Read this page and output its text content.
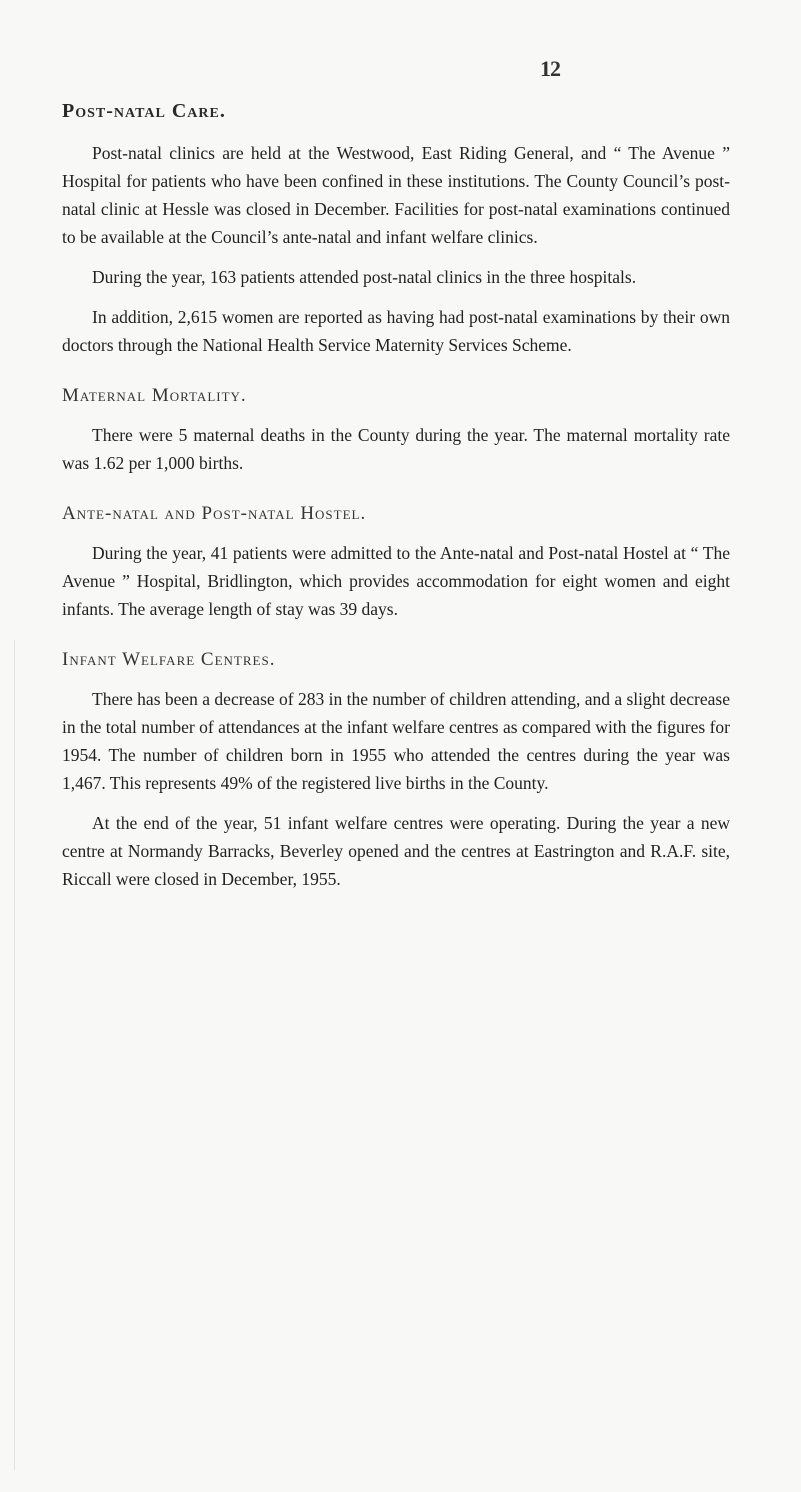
12
Post-natal Care.

Post-natal clinics are held at the Westwood, East Riding General, and “ The Avenue ” Hospital for patients who have been confined in these institutions. The County Council’s post-natal clinic at Hessle was closed in December. Facilities for post-natal examinations continued to be available at the Council’s ante-natal and infant welfare clinics.

During the year, 163 patients attended post-natal clinics in the three hospitals.

In addition, 2,615 women are reported as having had post-natal examinations by their own doctors through the National Health Service Maternity Services Scheme.

Maternal Mortality.

There were 5 maternal deaths in the County during the year. The maternal mortality rate was 1.62 per 1,000 births.

Ante-natal and Post-natal Hostel.

During the year, 41 patients were admitted to the Ante-natal and Post-natal Hostel at “ The Avenue ” Hospital, Bridlington, which provides accommodation for eight women and eight infants. The average length of stay was 39 days.

Infant Welfare Centres.

There has been a decrease of 283 in the number of children attending, and a slight decrease in the total number of attendances at the infant welfare centres as compared with the figures for 1954. The number of children born in 1955 who attended the centres during the year was 1,467. This represents 49% of the registered live births in the County.

At the end of the year, 51 infant welfare centres were operating. During the year a new centre at Normandy Barracks, Beverley opened and the centres at Eastrington and R.A.F. site, Riccall were closed in December, 1955.
